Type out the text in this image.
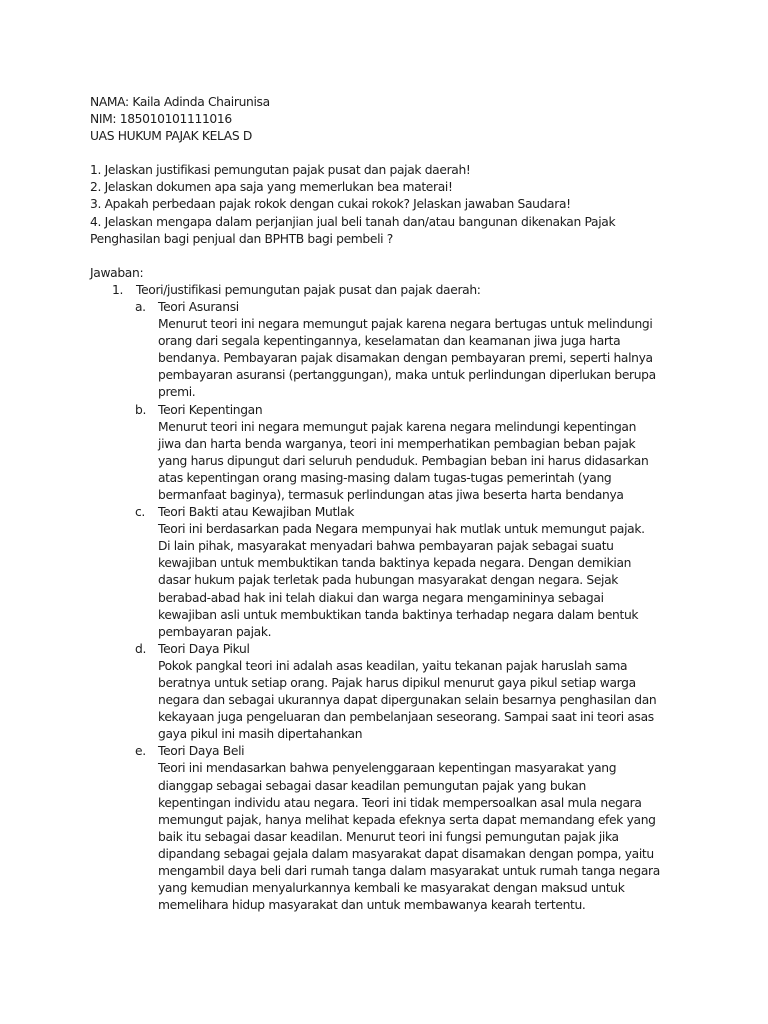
NAMA: Kaila Adinda Chairunisa
NIM: 185010101111016
UAS HUKUM PAJAK KELAS D
1. Jelaskan justifikasi pemungutan pajak pusat dan pajak daerah!
2. Jelaskan dokumen apa saja yang memerlukan bea materai!
3. Apakah perbedaan pajak rokok dengan cukai rokok? Jelaskan jawaban Saudara!
4. Jelaskan mengapa dalam perjanjian jual beli tanah dan/atau bangunan dikenakan Pajak
Penghasilan bagi penjual dan BPHTB bagi pembeli ?
Jawaban:
1. Teori/justifikasi pemungutan pajak pusat dan pajak daerah:
a. Teori Asuransi
Menurut teori ini negara memungut pajak karena negara bertugas untuk melindungi
orang dari segala kepentingannya, keselamatan dan keamanan jiwa juga harta
bendanya. Pembayaran pajak disamakan dengan pembayaran premi, seperti halnya
pembayaran asuransi (pertanggungan), maka untuk perlindungan diperlukan berupa
premi.
b. Teori Kepentingan
Menurut teori ini negara memungut pajak karena negara melindungi kepentingan
jiwa dan harta benda warganya, teori ini memperhatikan pembagian beban pajak
yang harus dipungut dari seluruh penduduk. Pembagian beban ini harus didasarkan
atas kepentingan orang masing-masing dalam tugas-tugas pemerintah (yang
bermanfaat baginya), termasuk perlindungan atas jiwa beserta harta bendanya
c. Teori Bakti atau Kewajiban Mutlak
Teori ini berdasarkan pada Negara mempunyai hak mutlak untuk memungut pajak.
Di lain pihak, masyarakat menyadari bahwa pembayaran pajak sebagai suatu
kewajiban untuk membuktikan tanda baktinya kepada negara. Dengan demikian
dasar hukum pajak terletak pada hubungan masyarakat dengan negara. Sejak
berabad-abad hak ini telah diakui dan warga negara mengamininya sebagai
kewajiban asli untuk membuktikan tanda baktinya terhadap negara dalam bentuk
pembayaran pajak.
d. Teori Daya Pikul
Pokok pangkal teori ini adalah asas keadilan, yaitu tekanan pajak haruslah sama
beratnya untuk setiap orang. Pajak harus dipikul menurut gaya pikul setiap warga
negara dan sebagai ukurannya dapat dipergunakan selain besarnya penghasilan dan
kekayaan juga pengeluaran dan pembelanjaan seseorang. Sampai saat ini teori asas
gaya pikul ini masih dipertahankan
e. Teori Daya Beli
Teori ini mendasarkan bahwa penyelenggaraan kepentingan masyarakat yang
dianggap sebagai sebagai dasar keadilan pemungutan pajak yang bukan
kepentingan individu atau negara. Teori ini tidak mempersoalkan asal mula negara
memungut pajak, hanya melihat kepada efeknya serta dapat memandang efek yang
baik itu sebagai dasar keadilan. Menurut teori ini fungsi pemungutan pajak jika
dipandang sebagai gejala dalam masyarakat dapat disamakan dengan pompa, yaitu
mengambil daya beli dari rumah tanga dalam masyarakat untuk rumah tanga negara
yang kemudian menyalurkannya kembali ke masyarakat dengan maksud untuk
memelihara hidup masyarakat dan untuk membawanya kearah tertentu.
